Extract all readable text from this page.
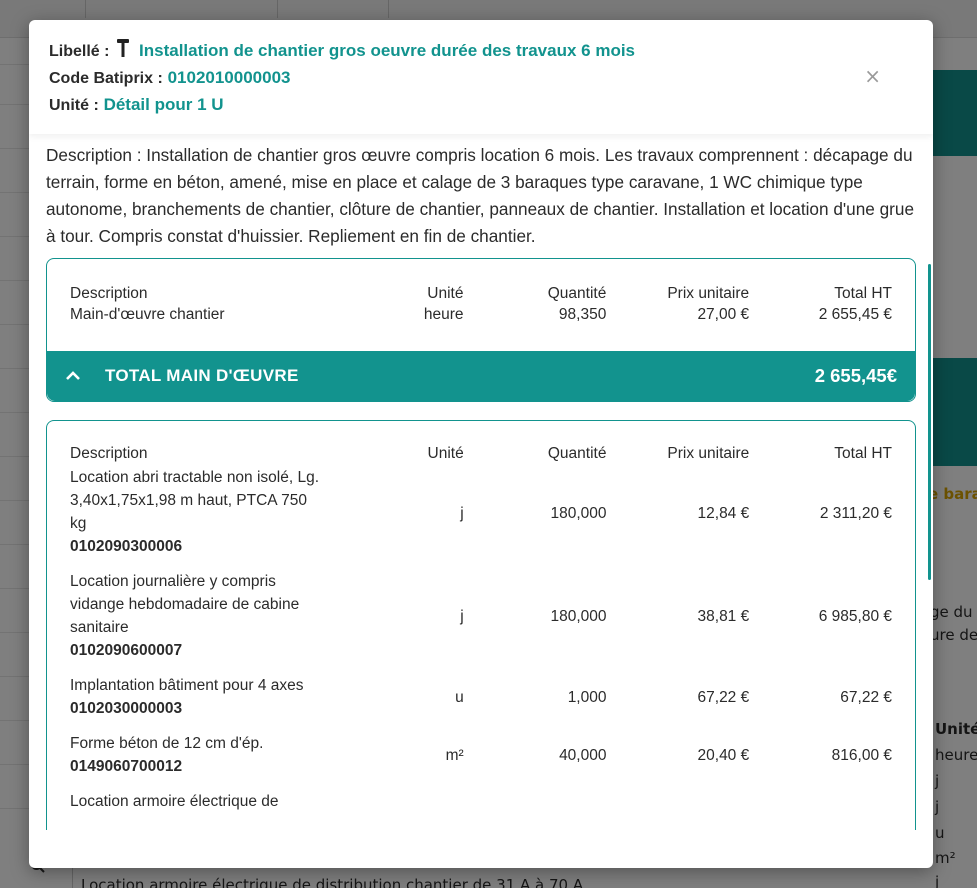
Libellé : Installation de chantier gros oeuvre durée des travaux 6 mois
Code Batiprix : 0102010000003
Unité : Détail pour 1 U
×
Description : Installation de chantier gros œuvre compris location 6 mois. Les travaux comprennent : décapage du terrain, forme en béton, amené, mise en place et calage de 3 baraques type caravane, 1 WC chimique type autonome, branchements de chantier, clôture de chantier, panneaux de chantier. Installation et location d'une grue à tour. Compris constat d'huissier. Repliement en fin de chantier.
Description	Unité	Quantité	Prix unitaire	Total HT
Main-d'œuvre chantier	heure	98,350	27,00 €	2 655,45 €
TOTAL MAIN D'ŒUVRE	2 655,45€
Description	Unité	Quantité	Prix unitaire	Total HT

Location abri tractable non isolé, Lg. 3,40x1,75x1,98 m haut, PTCA 750 kg
0102090300006	j	180,000	12,84 €	2 311,20 €

Location journalière y compris vidange hebdomadaire de cabine sanitaire
0102090600007	j	180,000	38,81 €	6 985,80 €

Implantation bâtiment pour 4 axes
0102030000003	u	1,000	67,22 €	67,22 €

Forme béton de 12 cm d'ép.
0149060700012	m²	40,000	20,40 €	816,00 €

Location armoire électrique de				
